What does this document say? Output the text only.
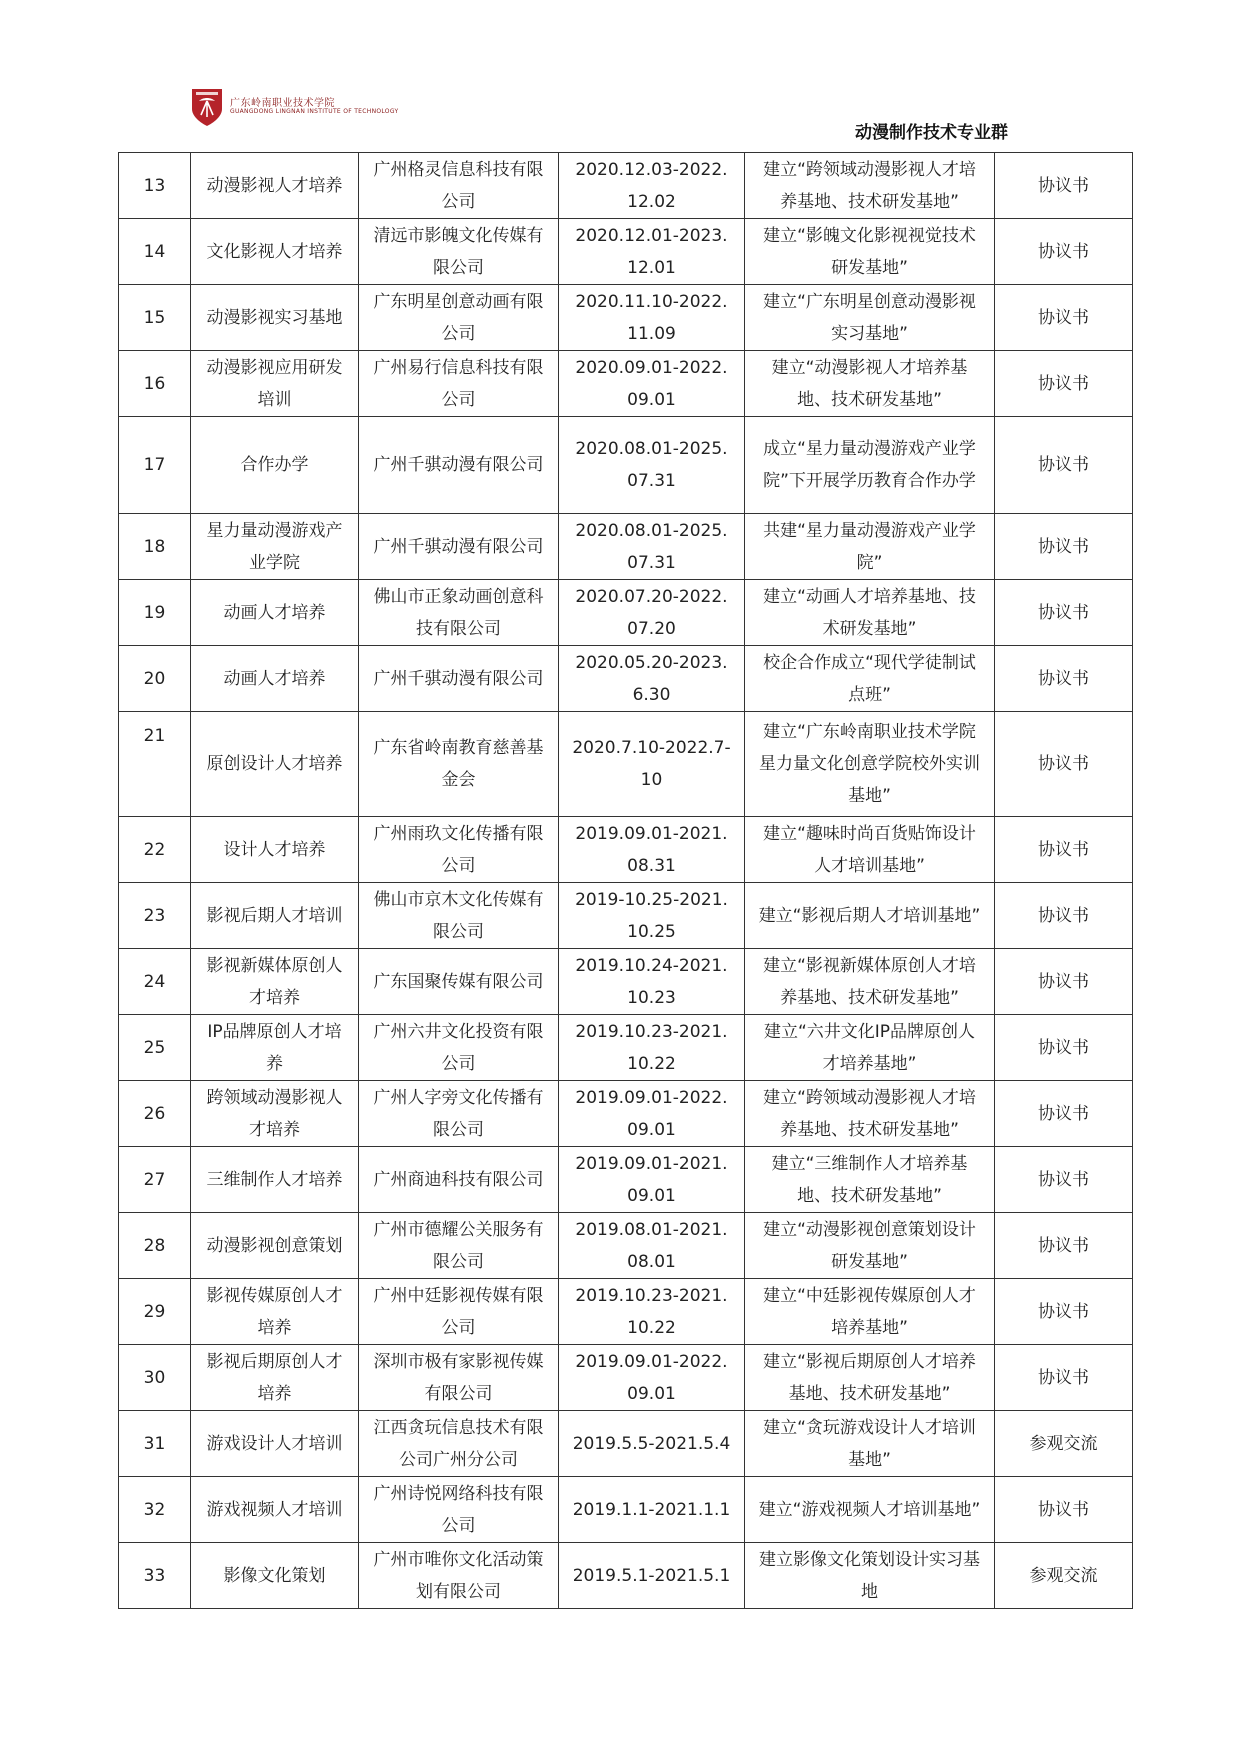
广东岭南职业技术学院
GUANGDONG LINGNAN INSTITUTE OF TECHNOLOGY
动漫制作技术专业群
13	动漫影视人才培养	广州格灵信息科技有限公司	2020.12.03-2022.12.02	建立“跨领域动漫影视人才培养基地、技术研发基地”	协议书
14	文化影视人才培养	清远市影魄文化传媒有限公司	2020.12.01-2023.12.01	建立“影魄文化影视视觉技术研发基地”	协议书
15	动漫影视实习基地	广东明星创意动画有限公司	2020.11.10-2022.11.09	建立“广东明星创意动漫影视实习基地”	协议书
16	动漫影视应用研发培训	广州易行信息科技有限公司	2020.09.01-2022.09.01	建立“动漫影视人才培养基地、技术研发基地”	协议书
17	合作办学	广州千骐动漫有限公司	2020.08.01-2025.07.31	成立“星力量动漫游戏产业学院”下开展学历教育合作办学	协议书
18	星力量动漫游戏产业学院	广州千骐动漫有限公司	2020.08.01-2025.07.31	共建“星力量动漫游戏产业学院”	协议书
19	动画人才培养	佛山市正象动画创意科技有限公司	2020.07.20-2022.07.20	建立“动画人才培养基地、技术研发基地”	协议书
20	动画人才培养	广州千骐动漫有限公司	2020.05.20-2023.6.30	校企合作成立“现代学徒制试点班”	协议书
21	原创设计人才培养	广东省岭南教育慈善基金会	2020.7.10-2022.7-10	建立“广东岭南职业技术学院星力量文化创意学院校外实训基地”	协议书
22	设计人才培养	广州雨玖文化传播有限公司	2019.09.01-2021.08.31	建立“趣味时尚百货贴饰设计人才培训基地”	协议书
23	影视后期人才培训	佛山市京木文化传媒有限公司	2019-10.25-2021.10.25	建立“影视后期人才培训基地”	协议书
24	影视新媒体原创人才培养	广东国聚传媒有限公司	2019.10.24-2021.10.23	建立“影视新媒体原创人才培养基地、技术研发基地”	协议书
25	IP品牌原创人才培养	广州六井文化投资有限公司	2019.10.23-2021.10.22	建立“六井文化IP品牌原创人才培养基地”	协议书
26	跨领域动漫影视人才培养	广州人字旁文化传播有限公司	2019.09.01-2022.09.01	建立“跨领域动漫影视人才培养基地、技术研发基地”	协议书
27	三维制作人才培养	广州商迪科技有限公司	2019.09.01-2021.09.01	建立“三维制作人才培养基地、技术研发基地”	协议书
28	动漫影视创意策划	广州市德耀公关服务有限公司	2019.08.01-2021.08.01	建立“动漫影视创意策划设计研发基地”	协议书
29	影视传媒原创人才培养	广州中廷影视传媒有限公司	2019.10.23-2021.10.22	建立“中廷影视传媒原创人才培养基地”	协议书
30	影视后期原创人才培养	深圳市极有家影视传媒有限公司	2019.09.01-2022.09.01	建立“影视后期原创人才培养基地、技术研发基地”	协议书
31	游戏设计人才培训	江西贪玩信息技术有限公司广州分公司	2019.5.5-2021.5.4	建立“贪玩游戏设计人才培训基地”	参观交流
32	游戏视频人才培训	广州诗悦网络科技有限公司	2019.1.1-2021.1.1	建立“游戏视频人才培训基地”	协议书
33	影像文化策划	广州市唯你文化活动策划有限公司	2019.5.1-2021.5.1	建立影像文化策划设计实习基地	参观交流
